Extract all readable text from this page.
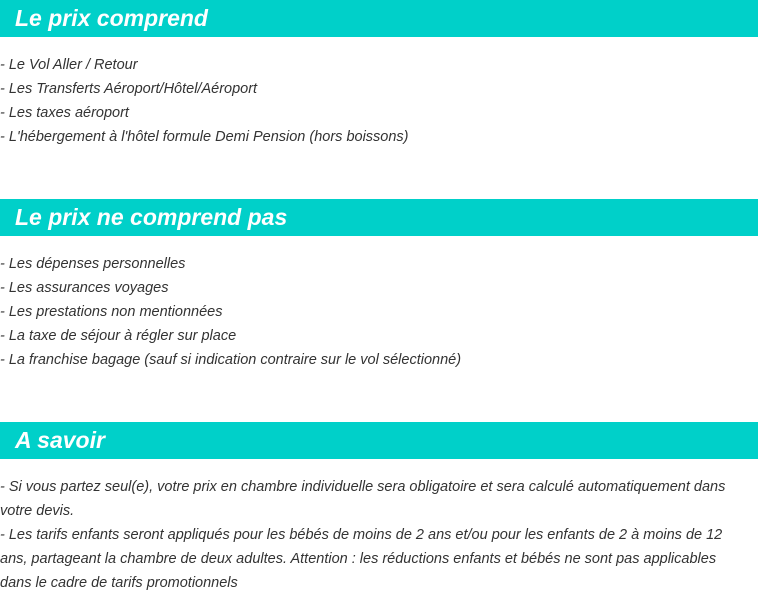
Le prix comprend
- Le Vol Aller / Retour
- Les Transferts Aéroport/Hôtel/Aéroport
- Les taxes aéroport
- L'hébergement à l'hôtel formule Demi Pension (hors boissons)
Le prix ne comprend pas
- Les dépenses personnelles
- Les assurances voyages
- Les prestations non mentionnées
- La taxe de séjour à régler sur place
- La franchise bagage (sauf si indication contraire sur le vol sélectionné)
A savoir
- Si vous partez seul(e), votre prix en chambre individuelle sera obligatoire et sera calculé automatiquement dans votre devis.
- Les tarifs enfants seront appliqués pour les bébés de moins de 2 ans et/ou pour les enfants de 2 à moins de 12 ans, partageant la chambre de deux adultes. Attention : les réductions enfants et bébés ne sont pas applicables dans le cadre de tarifs promotionnels
